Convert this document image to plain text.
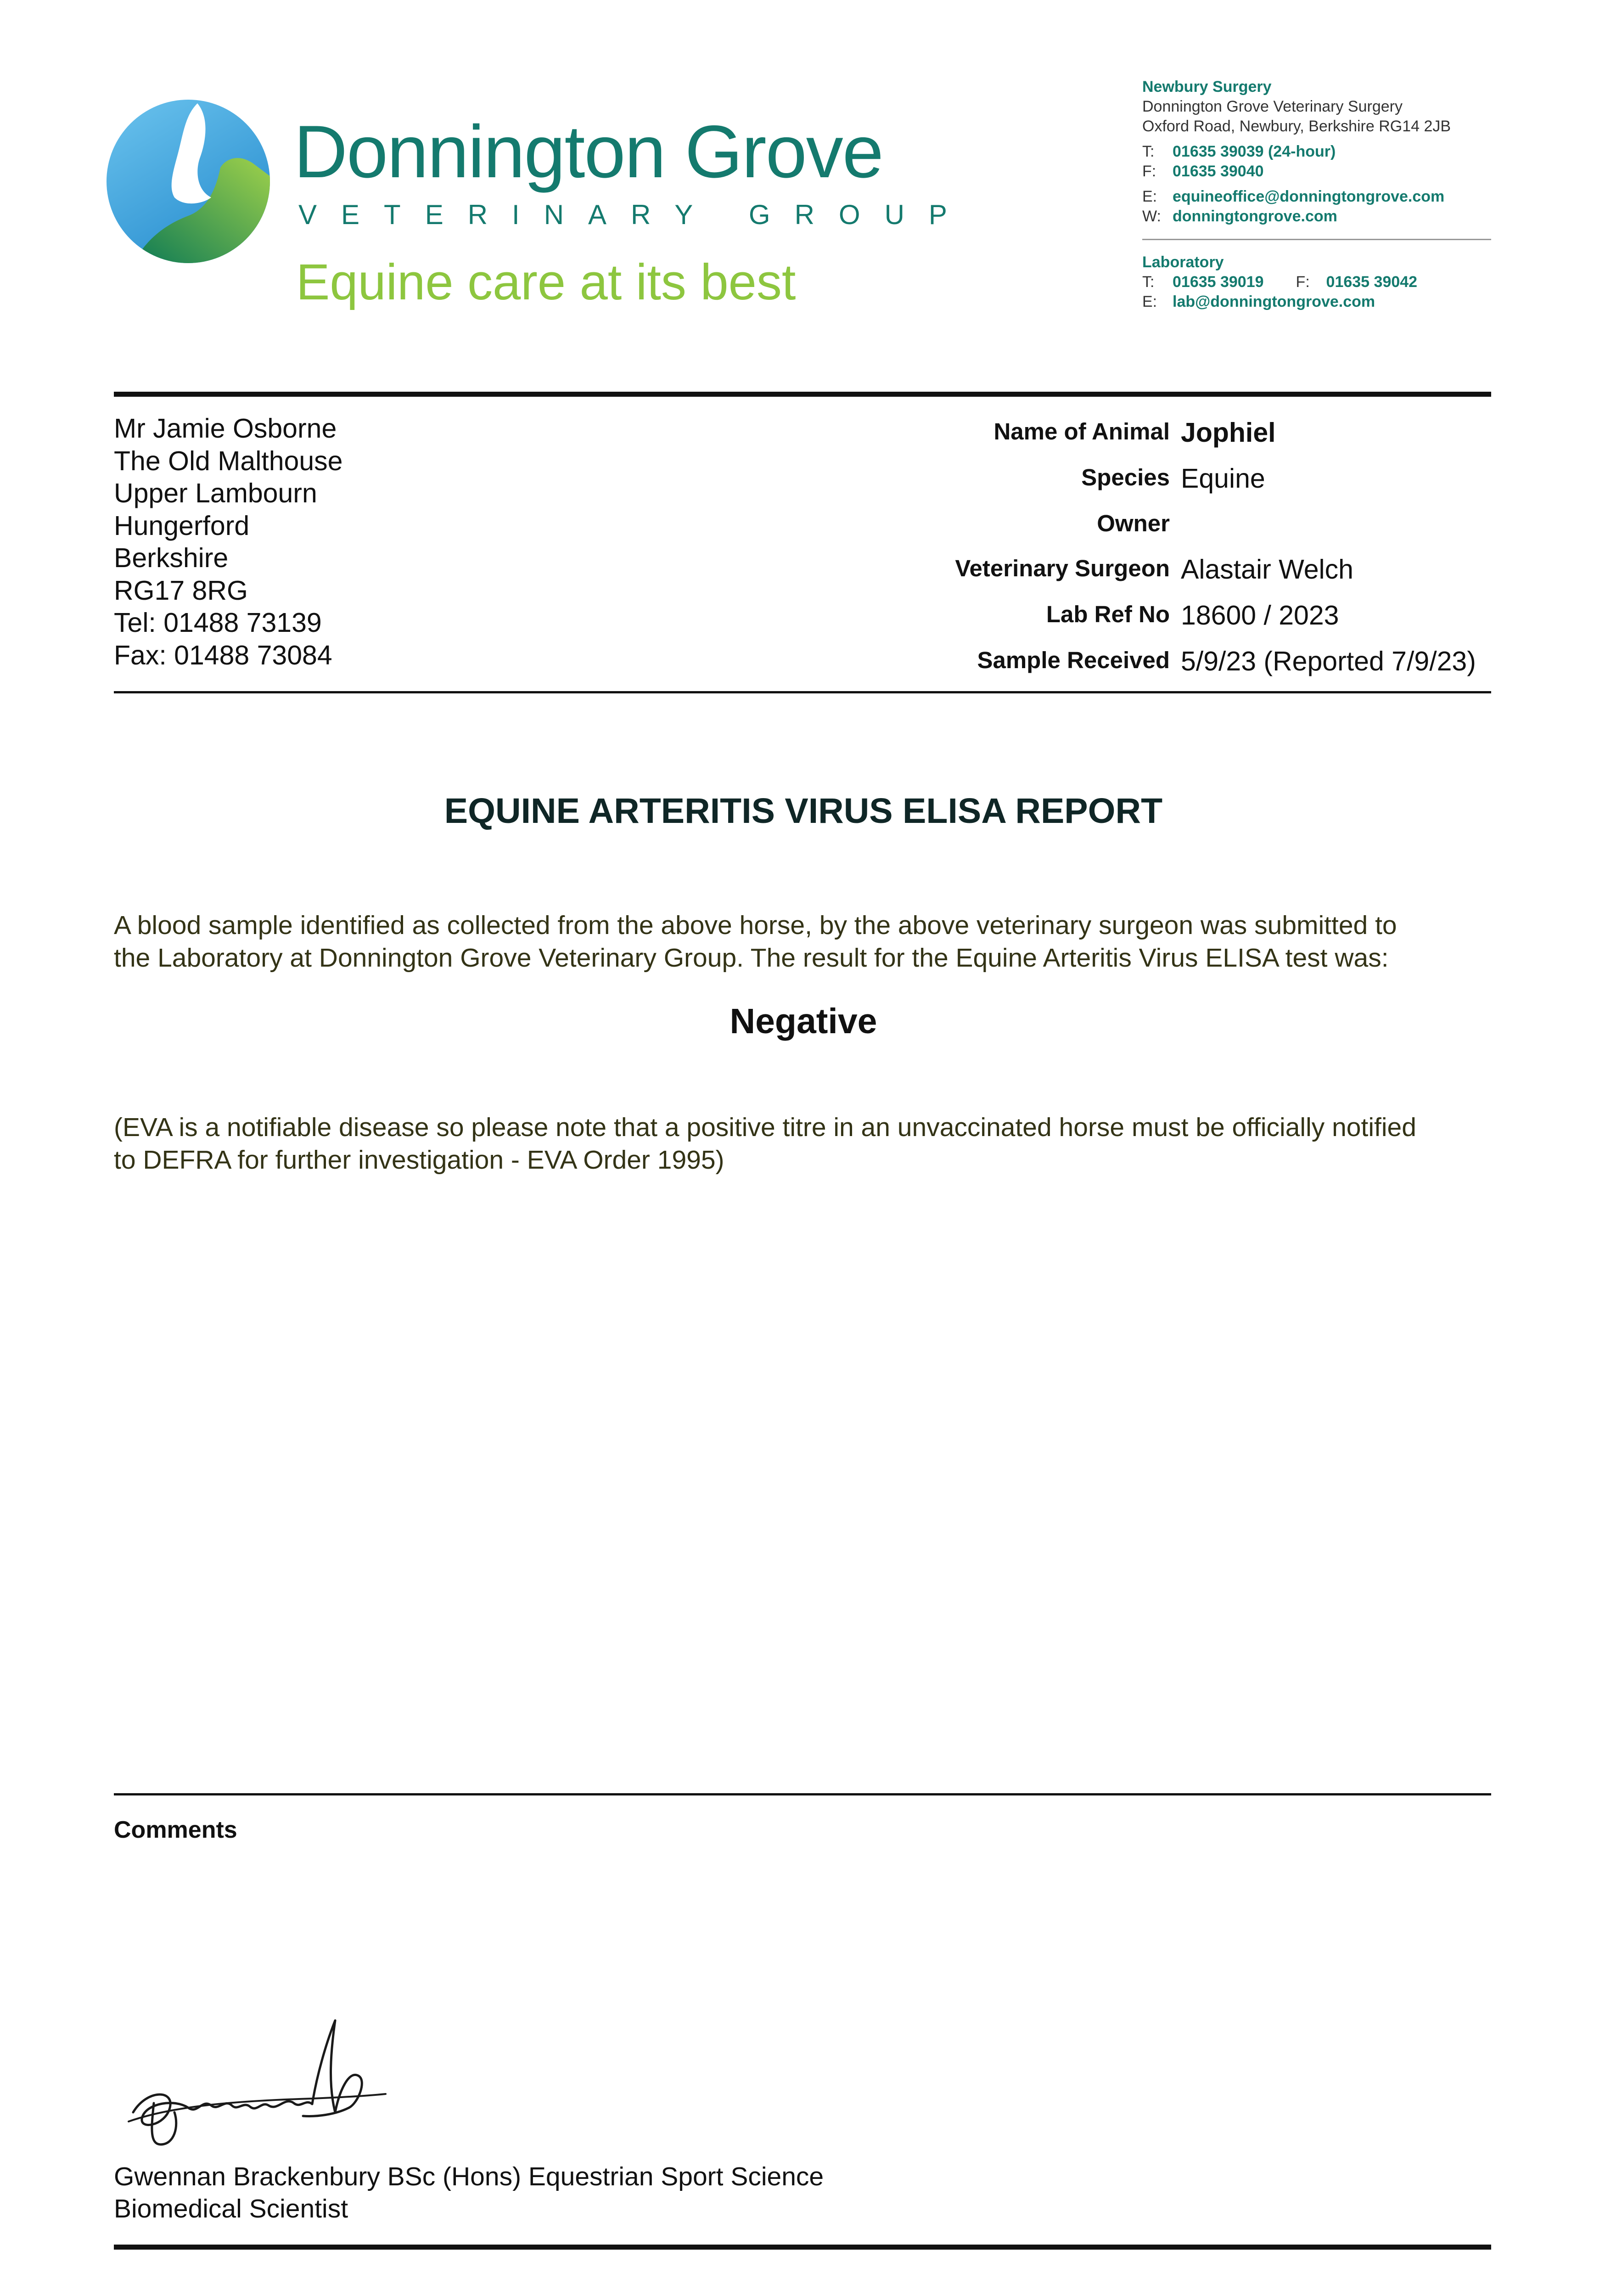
Donnington Grove
VETERINARY GROUP
Equine care at its best
Newbury Surgery
Donnington Grove Veterinary Surgery
Oxford Road, Newbury, Berkshire RG14 2JB
T: 01635 39039 (24-hour)
F: 01635 39040
E: equineoffice@donningtongrove.com
W: donningtongrove.com
Laboratory
T: 01635 39019 F: 01635 39042
E: lab@donningtongrove.com
Mr Jamie Osborne
The Old Malthouse
Upper Lambourn
Hungerford
Berkshire
RG17 8RG
Tel: 01488 73139
Fax: 01488 73084
Name of Animal Jophiel
Species Equine
Owner
Veterinary Surgeon Alastair Welch
Lab Ref No 18600 / 2023
Sample Received 5/9/23 (Reported 7/9/23)
EQUINE ARTERITIS VIRUS ELISA REPORT
A blood sample identified as collected from the above horse, by the above veterinary surgeon was submitted to
the Laboratory at Donnington Grove Veterinary Group. The result for the Equine Arteritis Virus ELISA test was:
Negative
(EVA is a notifiable disease so please note that a positive titre in an unvaccinated horse must be officially notified
to DEFRA for further investigation - EVA Order 1995)
Comments
Gwennan Brackenbury BSc (Hons) Equestrian Sport Science
Biomedical Scientist
